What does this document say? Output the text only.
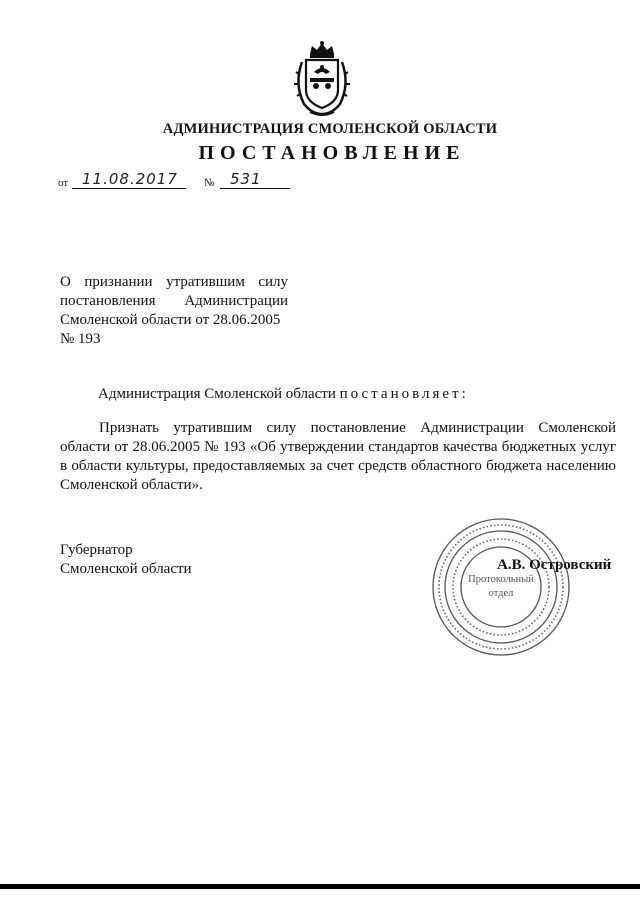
АДМИНИСТРАЦИЯ СМОЛЕНСКОЙ ОБЛАСТИ
ПОСТАНОВЛЕНИЕ
от 11.08.2017 № 531
О признании утратившим силу
постановления Администрации
Смоленской области от 28.06.2005
№ 193
Администрация Смоленской области постановляет:
Признать утратившим силу постановление Администрации Смоленской области от 28.06.2005 № 193 «Об утверждении стандартов качества бюджетных услуг в области культуры, предоставляемых за счет средств областного бюджета населению Смоленской области».
Губернатор
Смоленской области
Протокольный
отдел
А.В. Островский
